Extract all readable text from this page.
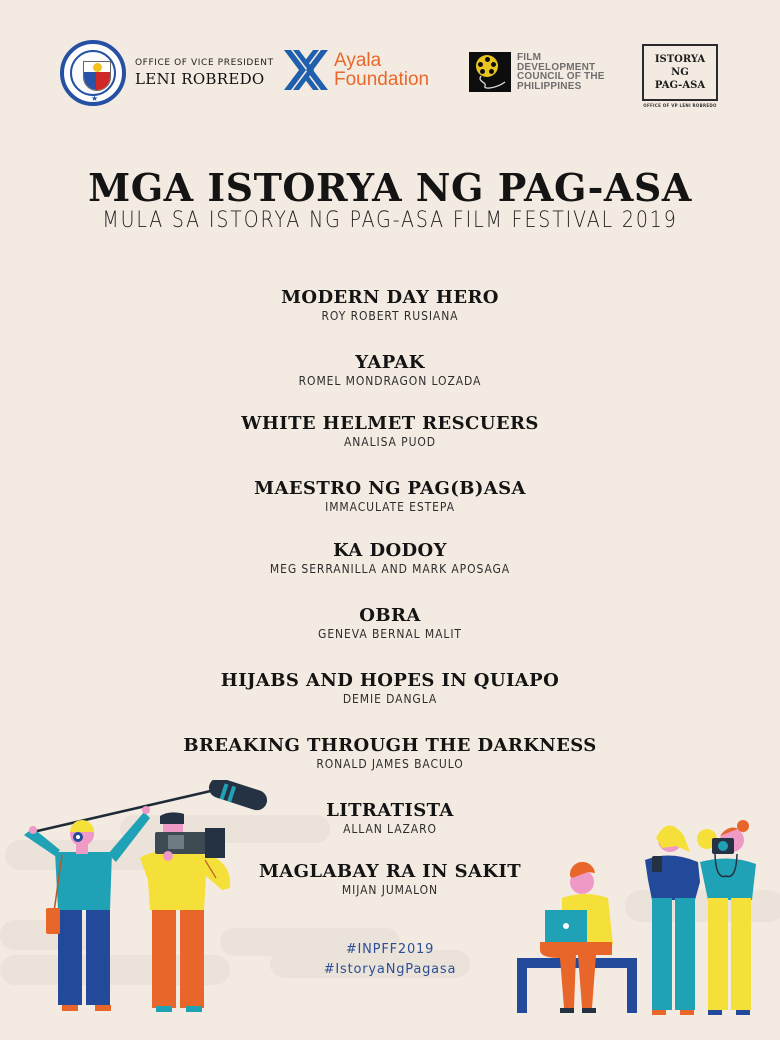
★
OFFICE OF VICE PRESIDENT
LENI ROBREDO
Ayala
Foundation
FILM
DEVELOPMENT
COUNCIL OF THE
PHILIPPINES
ISTORYA
NG
PAG-ASA
OFFICE OF VP LENI ROBREDO
MGA ISTORYA NG PAG-ASA
MULA SA ISTORYA NG PAG-ASA FILM FESTIVAL 2019
MODERN DAY HERO
ROY ROBERT RUSIANA
YAPAK
ROMEL MONDRAGON LOZADA
WHITE HELMET RESCUERS
ANALISA PUOD
MAESTRO NG PAG(B)ASA
IMMACULATE ESTEPA
KA DODOY
MEG SERRANILLA AND MARK APOSAGA
OBRA
GENEVA BERNAL MALIT
HIJABS AND HOPES IN QUIAPO
DEMIE DANGLA
BREAKING THROUGH THE DARKNESS
RONALD JAMES BACULO
LITRATISTA
ALLAN LAZARO
MAGLABAY RA IN SAKIT
MIJAN JUMALON
#INPFF2019
#IstoryaNgPagasa
